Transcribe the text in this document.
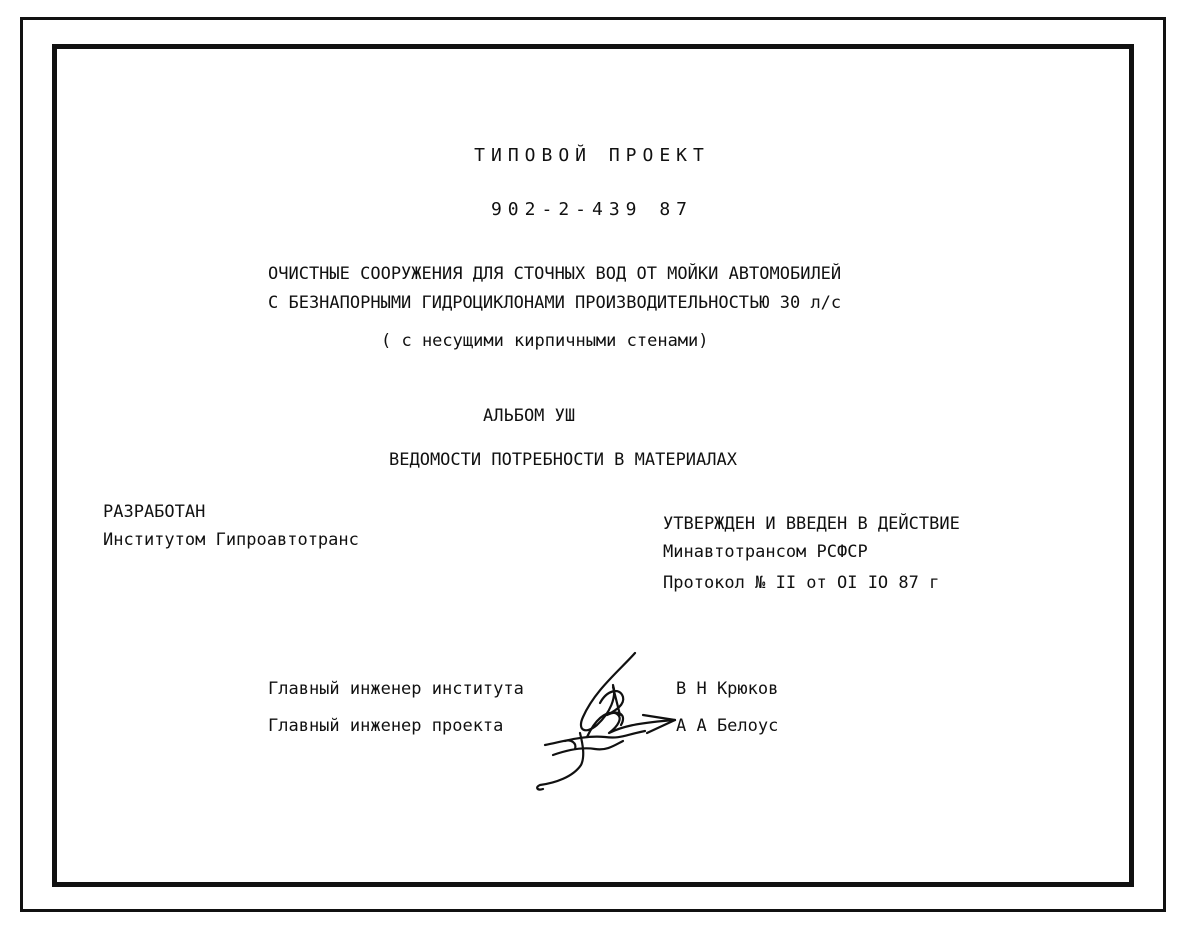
ТИПОВОЙ ПРОЕКТ
902-2-439 87
ОЧИСТНЫЕ СООРУЖЕНИЯ ДЛЯ СТОЧНЫХ ВОД ОТ МОЙКИ АВТОМОБИЛЕЙ
С БЕЗНАПОРНЫМИ ГИДРОЦИКЛОНАМИ ПРОИЗВОДИТЕЛЬНОСТЬЮ 30 л/с
( с несущими кирпичными стенами)
АЛЬБОМ УШ
ВЕДОМОСТИ ПОТРЕБНОСТИ В МАТЕРИАЛАХ
РАЗРАБОТАН
Институтом Гипроавтотранс
УТВЕРЖДЕН И ВВЕДЕН В ДЕЙСТВИЕ
Минавтотрансом РСФСР
Протокол № II от OI IO 87 г
Главный инженер института	В Н Крюков
Главный инженер проекта	А А Белоус
